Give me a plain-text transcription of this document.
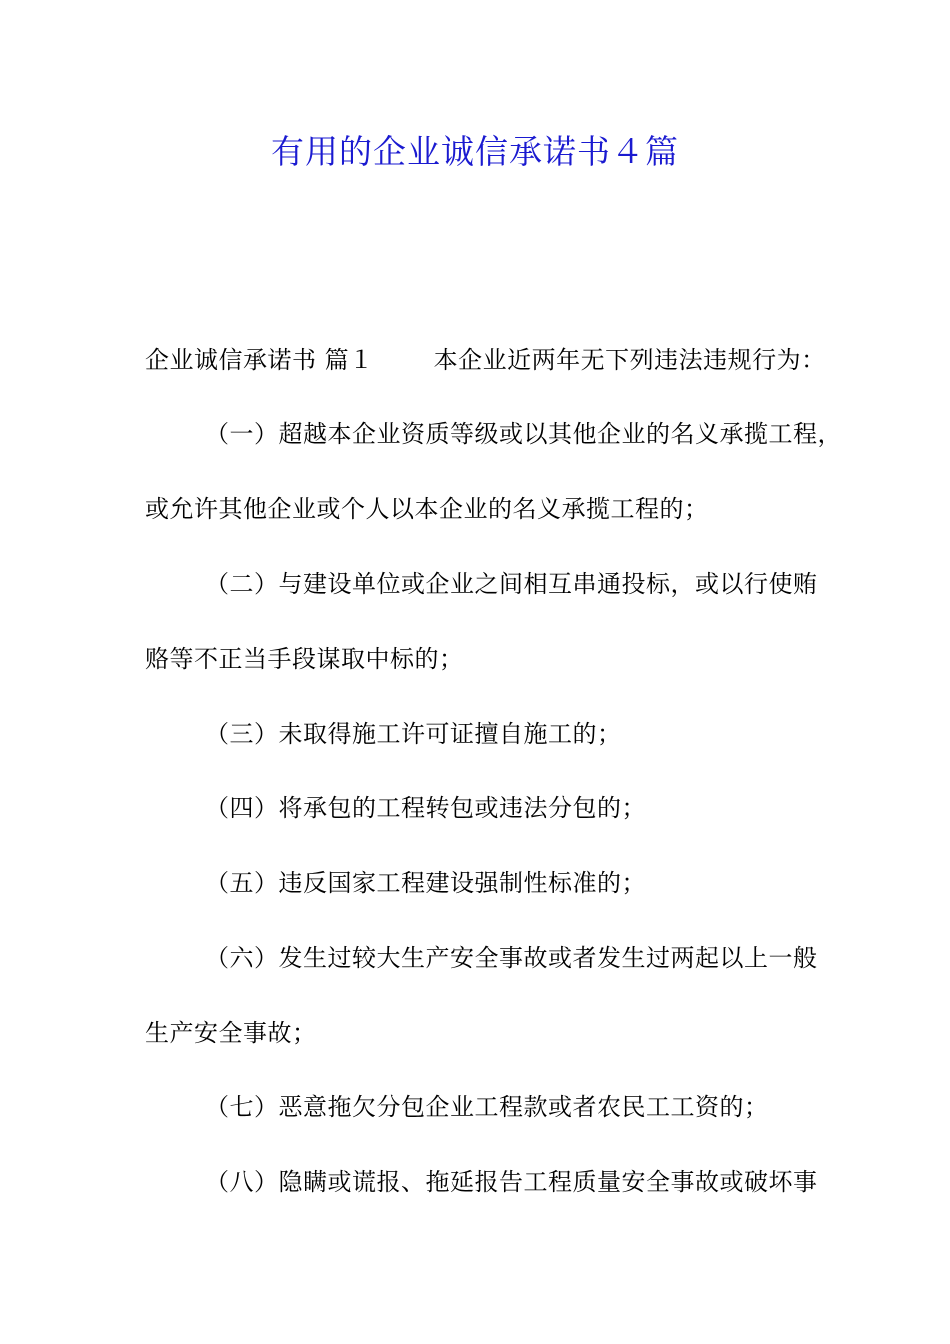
有用的企业诚信承诺书４篇
企业诚信承诺书 篇１	本企业近两年无下列违法违规行为：
（一）超越本企业资质等级或以其他企业的名义承揽工程，
或允许其他企业或个人以本企业的名义承揽工程的；
（二）与建设单位或企业之间相互串通投标，或以行使贿
赂等不正当手段谋取中标的；
（三）未取得施工许可证擅自施工的；
（四）将承包的工程转包或违法分包的；
（五）违反国家工程建设强制性标准的；
（六）发生过较大生产安全事故或者发生过两起以上一般
生产安全事故；
（七）恶意拖欠分包企业工程款或者农民工工资的；
（八）隐瞒或谎报、拖延报告工程质量安全事故或破坏事
